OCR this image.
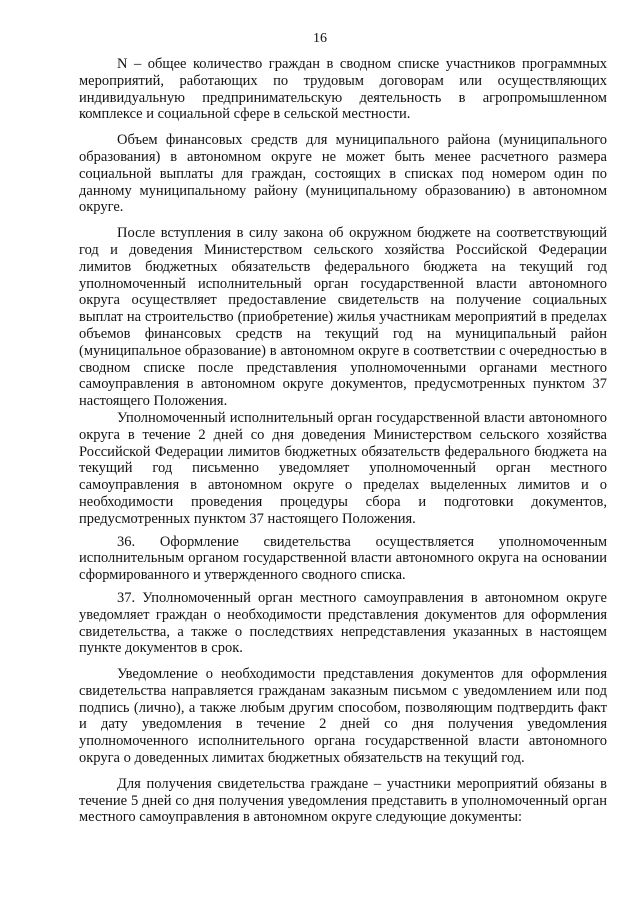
16

N – общее количество граждан в сводном списке участников программных мероприятий, работающих по трудовым договорам или осуществляющих индивидуальную предпринимательскую деятельность в агропромышленном комплексе и социальной сфере в сельской местности.

Объем финансовых средств для муниципального района (муниципального образования) в автономном округе не может быть менее расчетного размера социальной выплаты для граждан, состоящих в списках под номером один по данному муниципальному району (муниципальному образованию) в автономном округе.

После вступления в силу закона об окружном бюджете на соответствующий год и доведения Министерством сельского хозяйства Российской Федерации лимитов бюджетных обязательств федерального бюджета на текущий год уполномоченный исполнительный орган государственной власти автономного округа осуществляет предоставление свидетельств на получение социальных выплат на строительство (приобретение) жилья участникам мероприятий в пределах объемов финансовых средств на текущий год на муниципальный район (муниципальное образование) в автономном округе в соответствии с очередностью в сводном списке после представления уполномоченными органами местного самоуправления в автономном округе документов, предусмотренных пунктом 37 настоящего Положения.

Уполномоченный исполнительный орган государственной власти автономного округа в течение 2 дней со дня доведения Министерством сельского хозяйства Российской Федерации лимитов бюджетных обязательств федерального бюджета на текущий год письменно уведомляет уполномоченный орган местного самоуправления в автономном округе о пределах выделенных лимитов и о необходимости проведения процедуры сбора и подготовки документов, предусмотренных пунктом 37 настоящего Положения.

36. Оформление свидетельства осуществляется уполномоченным исполнительным органом государственной власти автономного округа на основании сформированного и утвержденного сводного списка.

37. Уполномоченный орган местного самоуправления в автономном округе уведомляет граждан о необходимости представления документов для оформления свидетельства, а также о последствиях непредставления указанных в настоящем пункте документов в срок.

Уведомление о необходимости представления документов для оформления свидетельства направляется гражданам заказным письмом с уведомлением или под подпись (лично), а также любым другим способом, позволяющим подтвердить факт и дату уведомления в течение 2 дней со дня получения уведомления уполномоченного исполнительного органа государственной власти автономного округа о доведенных лимитах бюджетных обязательств на текущий год.

Для получения свидетельства граждане – участники мероприятий обязаны в течение 5 дней со дня получения уведомления представить в уполномоченный орган местного самоуправления в автономном округе следующие документы:
